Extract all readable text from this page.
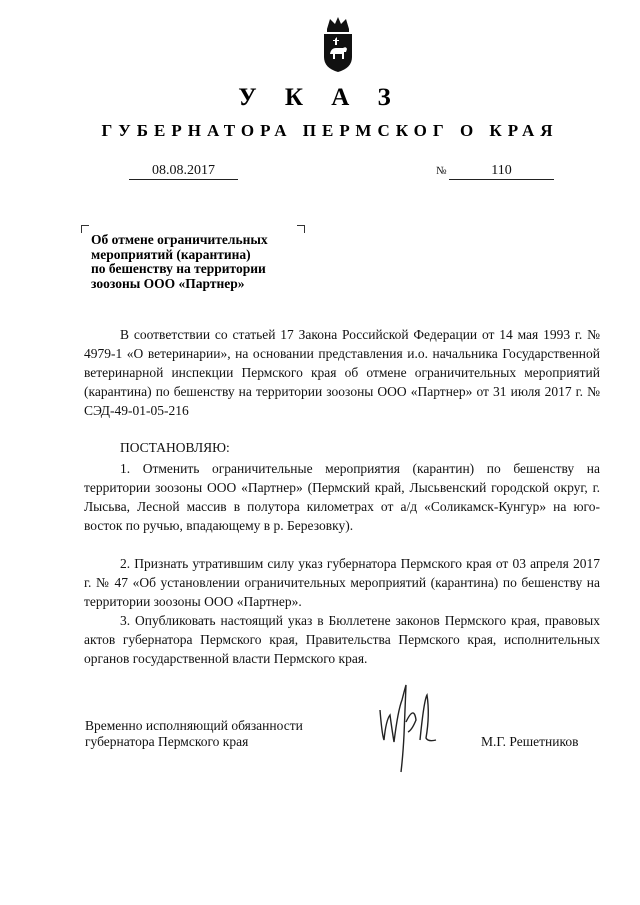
У К А З
ГУБЕРНАТОРА ПЕРМСКОГ О КРАЯ
08.08.2017	№	110
Об отмене ограничительных
мероприятий (карантина)
по бешенству на территории
зоозоны ООО «Партнер»

В соответствии со статьей 17 Закона Российской Федерации от 14 мая 1993 г. № 4979-1 «О ветеринарии», на основании представления и.о. начальника Государственной ветеринарной инспекции Пермского края об отмене ограничительных мероприятий (карантина) по бешенству на территории зоозоны ООО «Партнер» от 31 июля 2017 г. № СЭД-49-01-05-216

ПОСТАНОВЛЯЮ:

1. Отменить ограничительные мероприятия (карантин) по бешенству на территории зоозоны ООО «Партнер» (Пермский край, Лысьвенский городской округ, г. Лысьва, Лесной массив в полутора километрах от а/д «Соликамск-Кунгур» на юго-восток по ручью, впадающему в р. Березовку).

2. Признать утратившим силу указ губернатора Пермского края от 03 апреля 2017 г. № 47 «Об установлении ограничительных мероприятий (карантина) по бешенству на территории зоозоны ООО «Партнер».

3. Опубликовать настоящий указ в Бюллетене законов Пермского края, правовых актов губернатора Пермского края, Правительства Пермского края, исполнительных органов государственной власти Пермского края.

Временно исполняющий обязанности
губернатора Пермского края	М.Г. Решетников
